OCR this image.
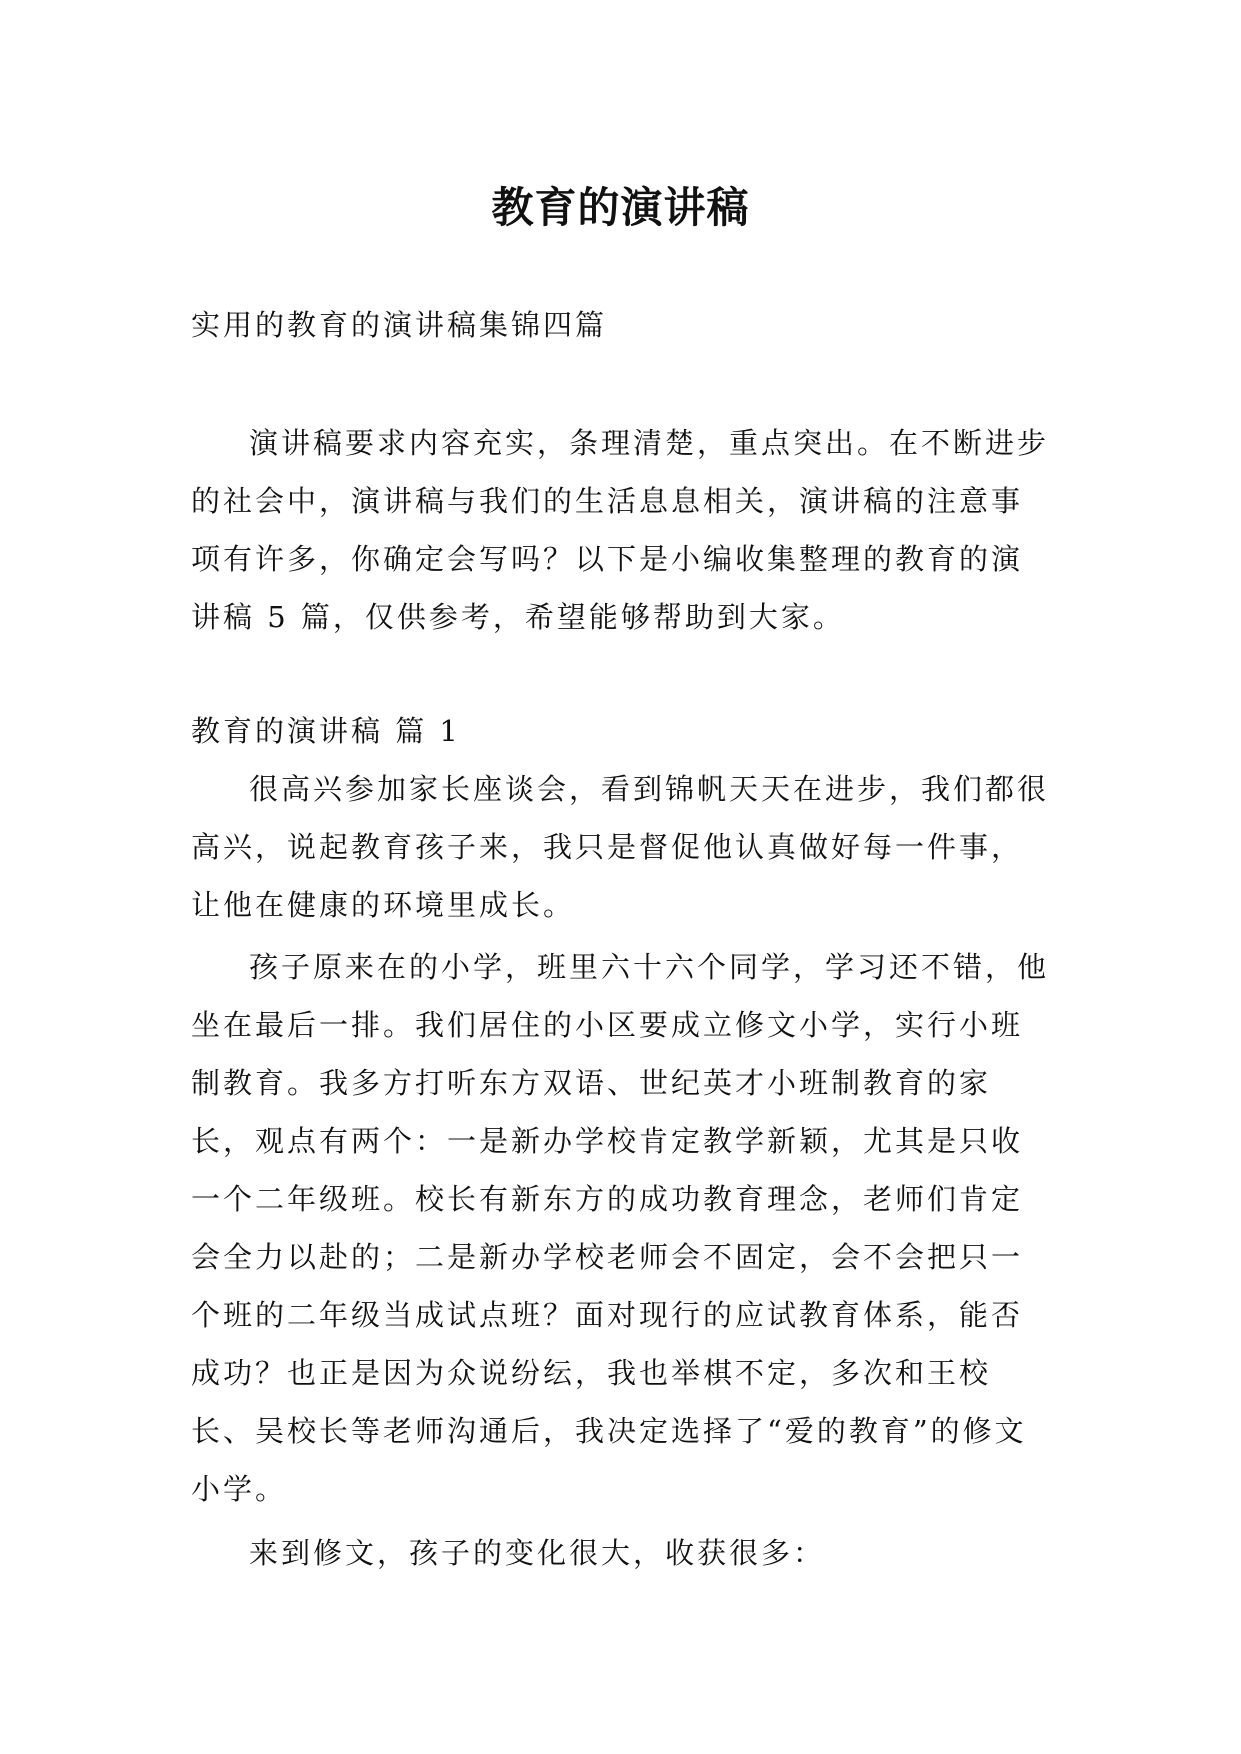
教育的演讲稿

实用的教育的演讲稿集锦四篇

演讲稿要求内容充实，条理清楚，重点突出。在不断进步的社会中，演讲稿与我们的生活息息相关，演讲稿的注意事项有许多，你确定会写吗？以下是小编收集整理的教育的演讲稿 5 篇，仅供参考，希望能够帮助到大家。

教育的演讲稿 篇 1

很高兴参加家长座谈会，看到锦帆天天在进步，我们都很高兴，说起教育孩子来，我只是督促他认真做好每一件事，让他在健康的环境里成长。

孩子原来在的小学，班里六十六个同学，学习还不错，他坐在最后一排。我们居住的小区要成立修文小学，实行小班制教育。我多方打听东方双语、世纪英才小班制教育的家长，观点有两个：一是新办学校肯定教学新颖，尤其是只收一个二年级班。校长有新东方的成功教育理念，老师们肯定会全力以赴的；二是新办学校老师会不固定，会不会把只一个班的二年级当成试点班？面对现行的应试教育体系，能否成功？也正是因为众说纷纭，我也举棋不定，多次和王校长、吴校长等老师沟通后，我决定选择了“爱的教育”的修文小学。

来到修文，孩子的变化很大，收获很多：
